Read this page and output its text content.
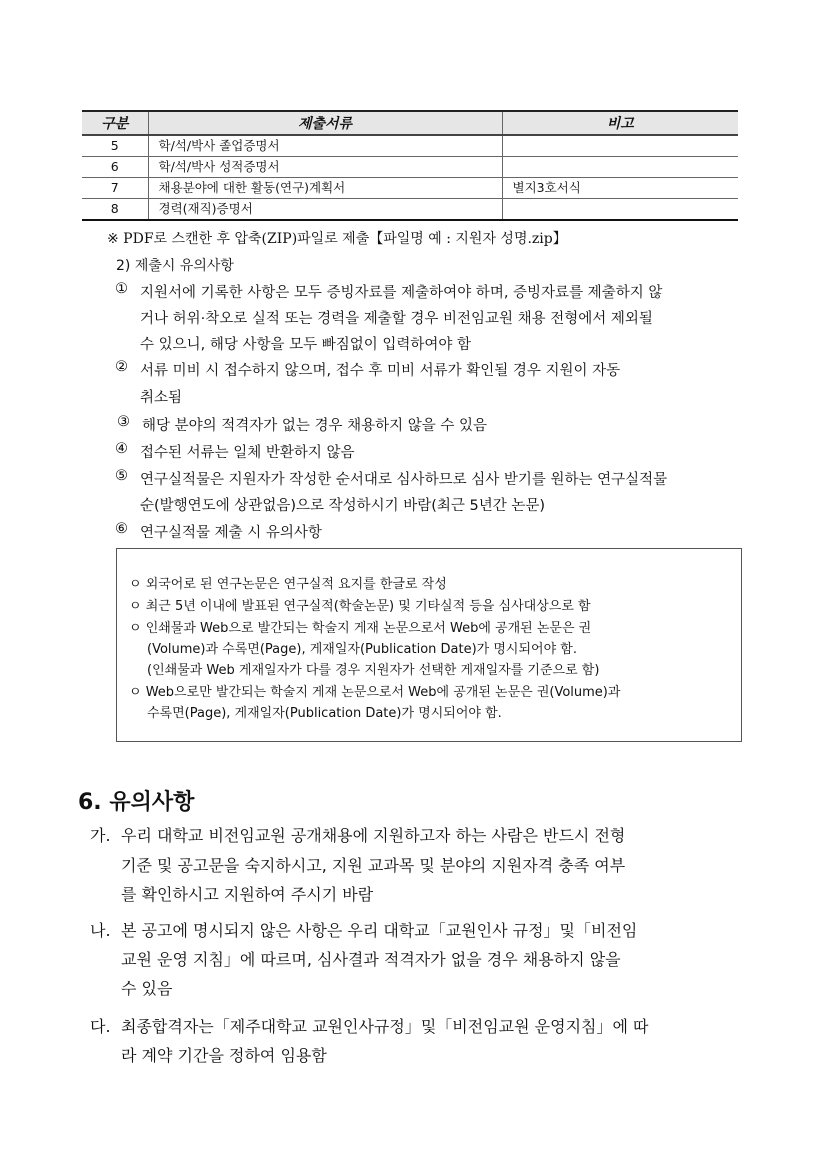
구분	제출서류	비고
5	학/석/박사 졸업증명서	
6	학/석/박사 성적증명서	
7	채용분야에 대한 활동(연구)계획서	별지3호서식
8	경력(재직)증명서	
※ PDF로 스캔한 후 압축(ZIP)파일로 제출【파일명 예 : 지원자 성명.zip】
2) 제출시 유의사항
① 지원서에 기록한 사항은 모두 증빙자료를 제출하여야 하며, 증빙자료를 제출하지 않
거나 허위·착오로 실적 또는 경력을 제출할 경우 비전임교원 채용 전형에서 제외될
수 있으니, 해당 사항을 모두 빠짐없이 입력하여야 함
② 서류 미비 시 접수하지 않으며, 접수 후 미비 서류가 확인될 경우 지원이 자동
취소됨
③ 해당 분야의 적격자가 없는 경우 채용하지 않을 수 있음
④ 접수된 서류는 일체 반환하지 않음
⑤ 연구실적물은 지원자가 작성한 순서대로 심사하므로 심사 받기를 원하는 연구실적물
순(발행연도에 상관없음)으로 작성하시기 바람(최근 5년간 논문)
⑥ 연구실적물 제출 시 유의사항
ㅇ 외국어로 된 연구논문은 연구실적 요지를 한글로 작성
ㅇ 최근 5년 이내에 발표된 연구실적(학술논문) 및 기타실적 등을 심사대상으로 함
ㅇ 인쇄물과 Web으로 발간되는 학술지 게재 논문으로서 Web에 공개된 논문은 권
(Volume)과 수록면(Page), 게재일자(Publication Date)가 명시되어야 함.
(인쇄물과 Web 게재일자가 다를 경우 지원자가 선택한 게재일자를 기준으로 함)
ㅇ Web으로만 발간되는 학술지 게재 논문으로서 Web에 공개된 논문은 권(Volume)과
수록면(Page), 게재일자(Publication Date)가 명시되어야 함.
6. 유의사항
가. 우리 대학교 비전임교원 공개채용에 지원하고자 하는 사람은 반드시 전형
기준 및 공고문을 숙지하시고, 지원 교과목 및 분야의 지원자격 충족 여부
를 확인하시고 지원하여 주시기 바람
나. 본 공고에 명시되지 않은 사항은 우리 대학교「교원인사 규정」및「비전임
교원 운영 지침」에 따르며, 심사결과 적격자가 없을 경우 채용하지 않을
수 있음
다. 최종합격자는「제주대학교 교원인사규정」및「비전임교원 운영지침」에 따
라 계약 기간을 정하여 임용함
